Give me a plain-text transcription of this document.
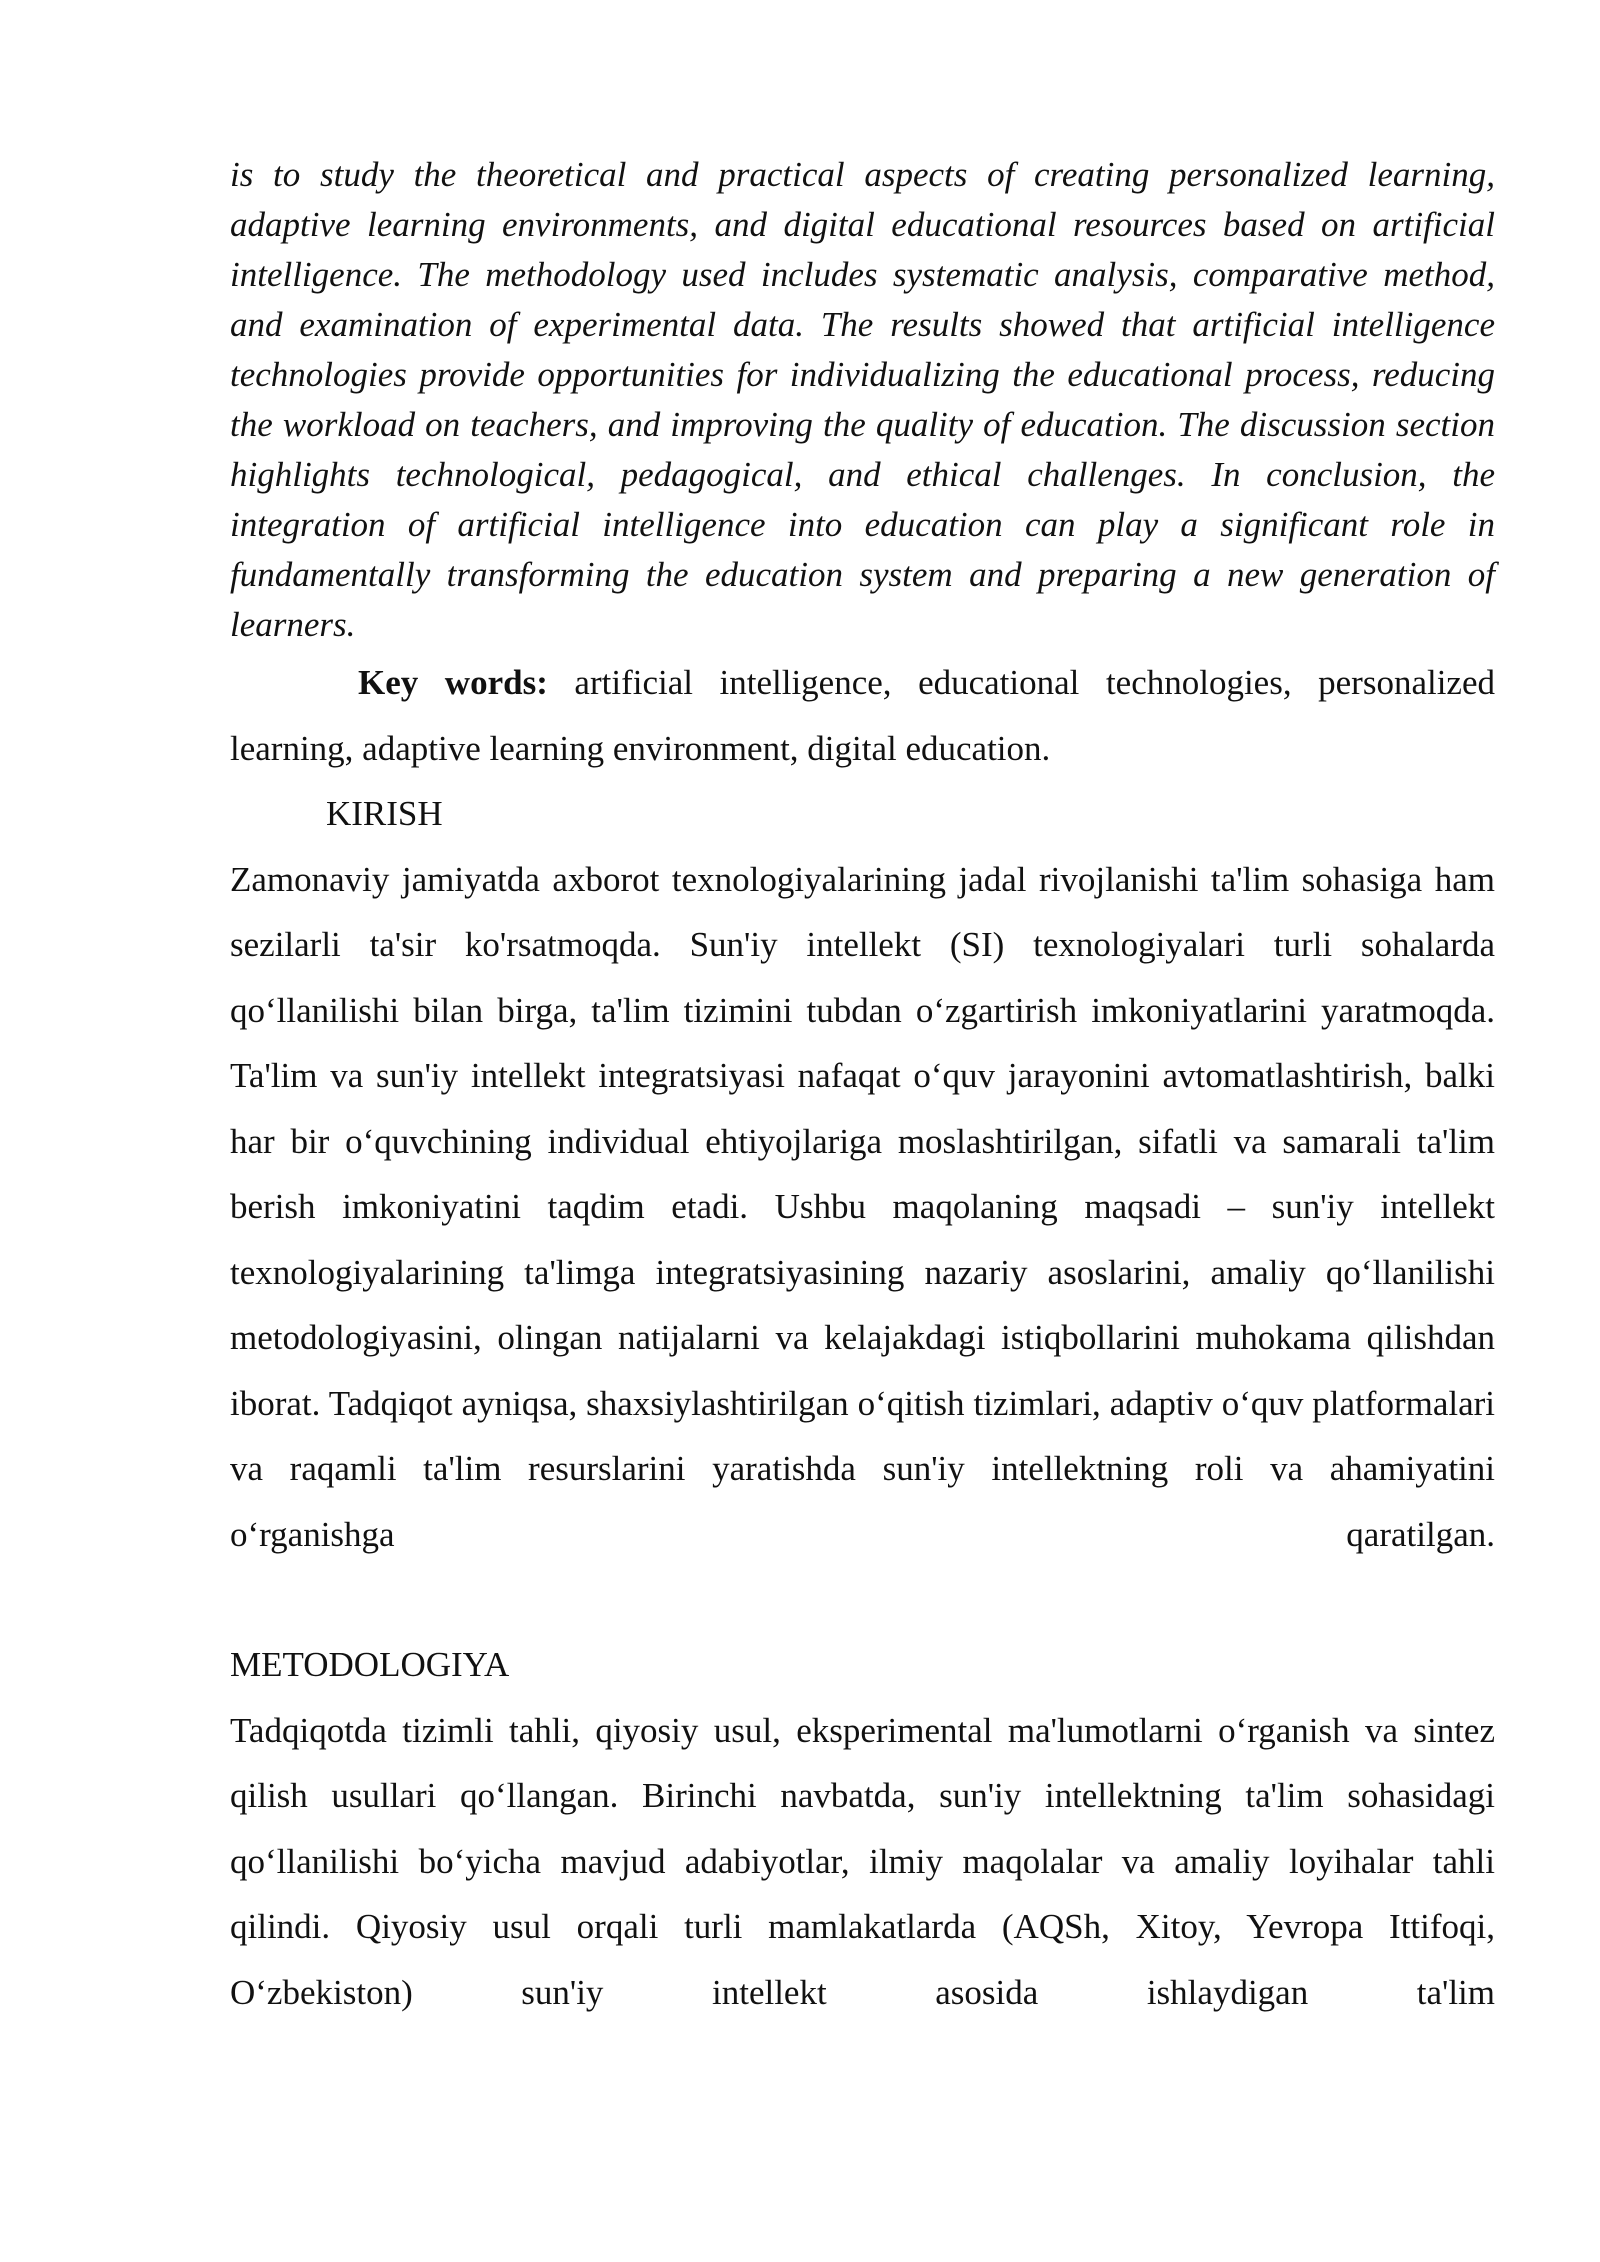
is to study the theoretical and practical aspects of creating personalized learning, adaptive learning environments, and digital educational resources based on artificial intelligence. The methodology used includes systematic analysis, comparative method, and examination of experimental data. The results showed that artificial intelligence technologies provide opportunities for individualizing the educational process, reducing the workload on teachers, and improving the quality of education. The discussion section highlights technological, pedagogical, and ethical challenges. In conclusion, the integration of artificial intelligence into education can play a significant role in fundamentally transforming the education system and preparing a new generation of learners.

Key words: artificial intelligence, educational technologies, personalized learning, adaptive learning environment, digital education.

KIRISH

Zamonaviy jamiyatda axborot texnologiyalarining jadal rivojlanishi ta'lim sohasiga ham sezilarli ta'sir ko'rsatmoqda. Sun'iy intellekt (SI) texnologiyalari turli sohalarda qo‘llanilishi bilan birga, ta'lim tizimini tubdan o‘zgartirish imkoniyatlarini yaratmoqda. Ta'lim va sun'iy intellekt integratsiyasi nafaqat o‘quv jarayonini avtomatlashtirish, balki har bir o‘quvchining individual ehtiyojlariga moslashtirilgan, sifatli va samarali ta'lim berish imkoniyatini taqdim etadi. Ushbu maqolaning maqsadi – sun'iy intellekt texnologiyalarining ta'limga integratsiyasining nazariy asoslarini, amaliy qo‘llanilishi metodologiyasini, olingan natijalarni va kelajakdagi istiqbollarini muhokama qilishdan iborat. Tadqiqot ayniqsa, shaxsiylashtirilgan o‘qitish tizimlari, adaptiv o‘quv platformalari va raqamli ta'lim resurslarini yaratishda sun'iy intellektning roli va ahamiyatini o‘rganishga qaratilgan.

METODOLOGIYA

Tadqiqotda tizimli tahli, qiyosiy usul, eksperimental ma'lumotlarni o‘rganish va sintez qilish usullari qo‘llangan. Birinchi navbatda, sun'iy intellektning ta'lim sohasidagi qo‘llanilishi bo‘yicha mavjud adabiyotlar, ilmiy maqolalar va amaliy loyihalar tahli qilindi. Qiyosiy usul orqali turli mamlakatlarda (AQSh, Xitoy, Yevropa Ittifoqi, O‘zbekiston) sun'iy intellekt asosida ishlaydigan ta'lim
